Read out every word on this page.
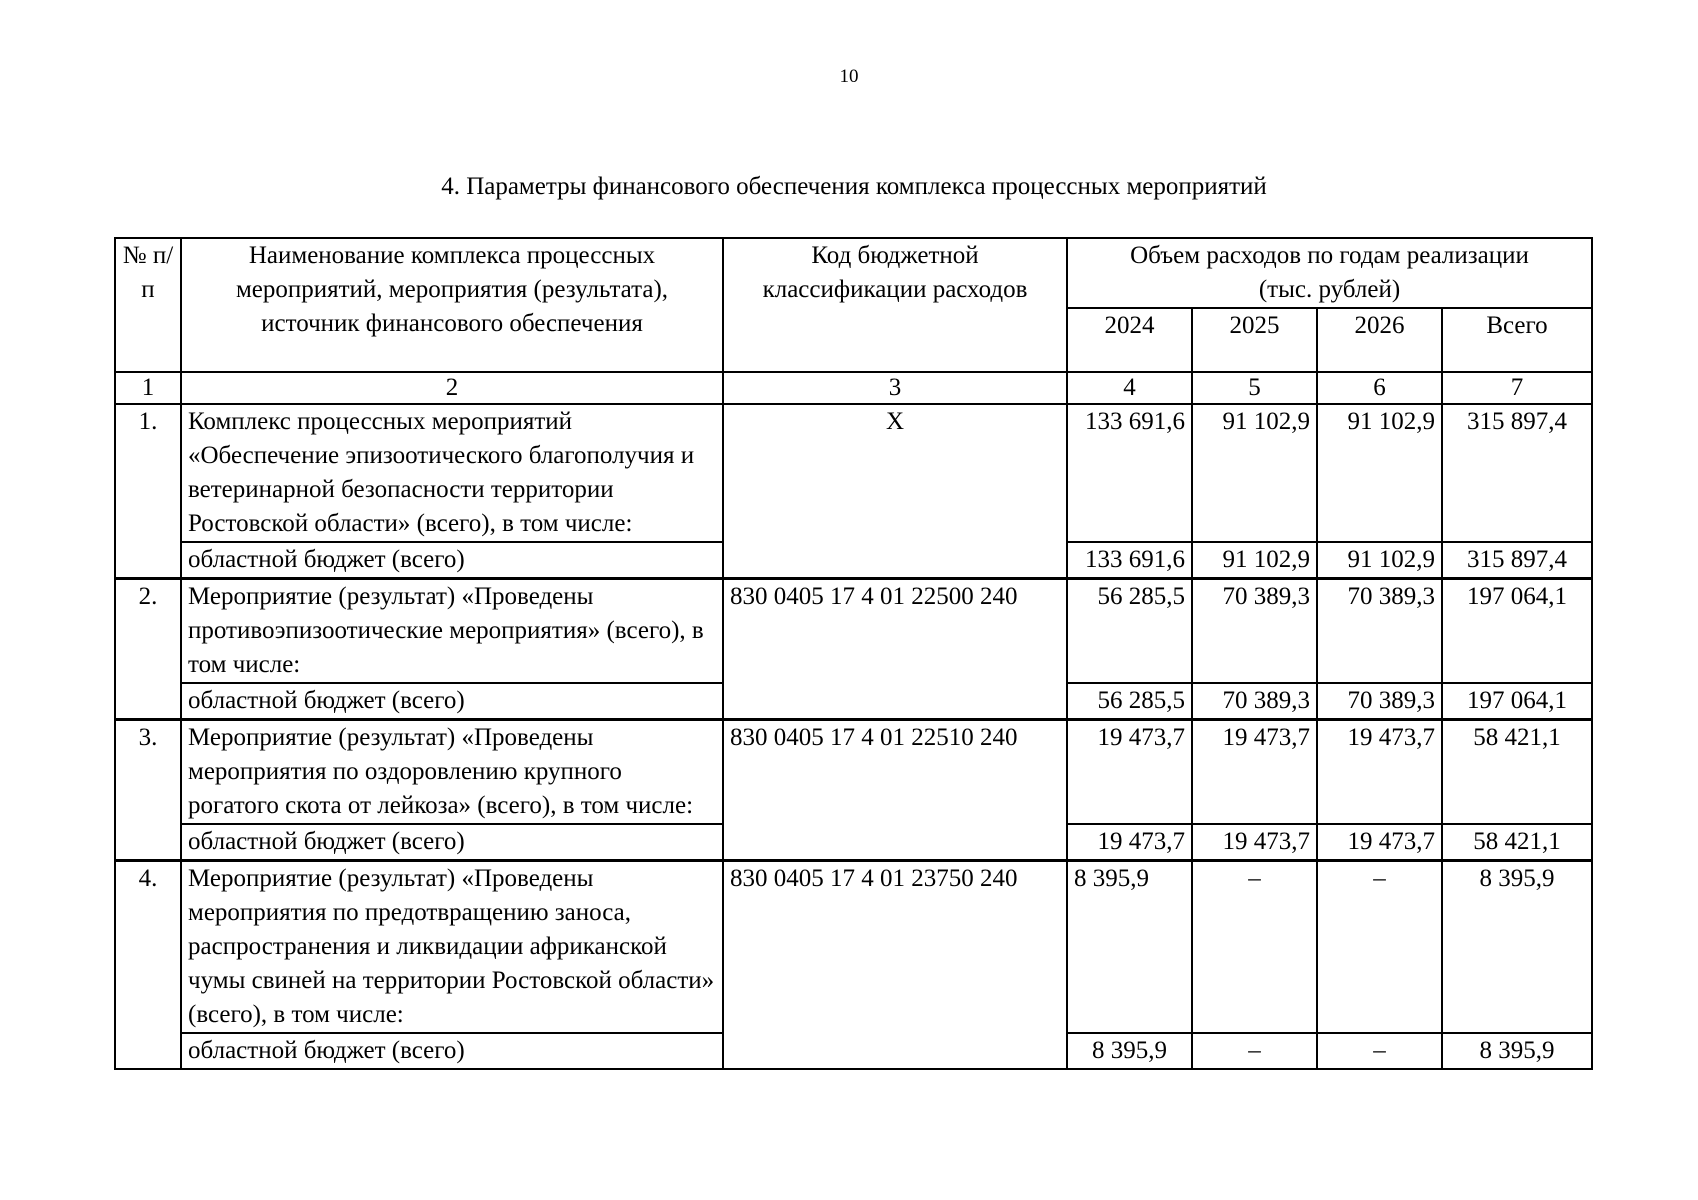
10
4. Параметры финансового обеспечения комплекса процессных мероприятий
№ п/п	Наименование комплекса процессных мероприятий, мероприятия (результата), источник финансового обеспечения	Код бюджетной классификации расходов	Объем расходов по годам реализации (тыс. рублей)			
			2024	2025	2026	Всего
1	2	3	4	5	6	7
1.	Комплекс процессных мероприятий «Обеспечение эпизоотического благополучия и ветеринарной безопасности территории Ростовской области» (всего), в том числе:	Х	133 691,6	91 102,9	91 102,9	315 897,4
	областной бюджет (всего)		133 691,6	91 102,9	91 102,9	315 897,4
2.	Мероприятие (результат) «Проведены противоэпизоотические мероприятия» (всего), в том числе:	830 0405 17 4 01 22500 240	56 285,5	70 389,3	70 389,3	197 064,1
	областной бюджет (всего)		56 285,5	70 389,3	70 389,3	197 064,1
3.	Мероприятие (результат) «Проведены мероприятия по оздоровлению крупного рогатого скота от лейкоза» (всего), в том числе:	830 0405 17 4 01 22510 240	19 473,7	19 473,7	19 473,7	58 421,1
	областной бюджет (всего)		19 473,7	19 473,7	19 473,7	58 421,1
4.	Мероприятие (результат) «Проведены мероприятия по предотвращению заноса, распространения и ликвидации африканской чумы свиней на территории Ростовской области» (всего), в том числе:	830 0405 17 4 01 23750 240	8 395,9	–	–	8 395,9
	областной бюджет (всего)		8 395,9	–	–	8 395,9
